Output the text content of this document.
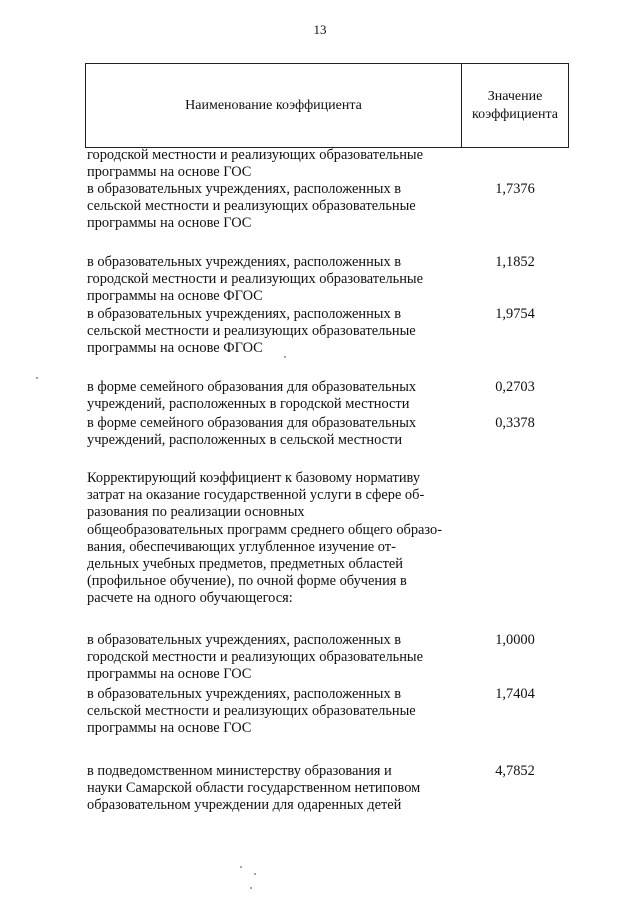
13
Наименование коэффициента
Значение
коэффициента
городской местности и реализующих образовательные
программы на основе ГОС
в образовательных учреждениях, расположенных в
сельской местности и реализующих образовательные
программы на основе ГОС
1,7376
в образовательных учреждениях, расположенных в
городской местности и реализующих образовательные
программы на основе ФГОС
1,1852
в образовательных учреждениях, расположенных в
сельской местности и реализующих образовательные
программы на основе ФГОС
1,9754
в форме семейного образования для образовательных
учреждений, расположенных в городской местности
0,2703
в форме семейного образования для образовательных
учреждений, расположенных в сельской местности
0,3378
Корректирующий коэффициент к базовому нормативу
затрат на оказание государственной услуги в сфере об-
разования по реализации основных
общеобразовательных программ среднего общего образо-
вания, обеспечивающих углубленное изучение от-
дельных учебных предметов, предметных областей
(профильное обучение), по очной форме обучения в
расчете на одного обучающегося:
в образовательных учреждениях, расположенных в
городской местности и реализующих образовательные
программы на основе ГОС
1,0000
в образовательных учреждениях, расположенных в
сельской местности и реализующих образовательные
программы на основе ГОС
1,7404
в подведомственном министерству образования и
науки Самарской области государственном нетиповом
образовательном учреждении для одаренных детей
4,7852
